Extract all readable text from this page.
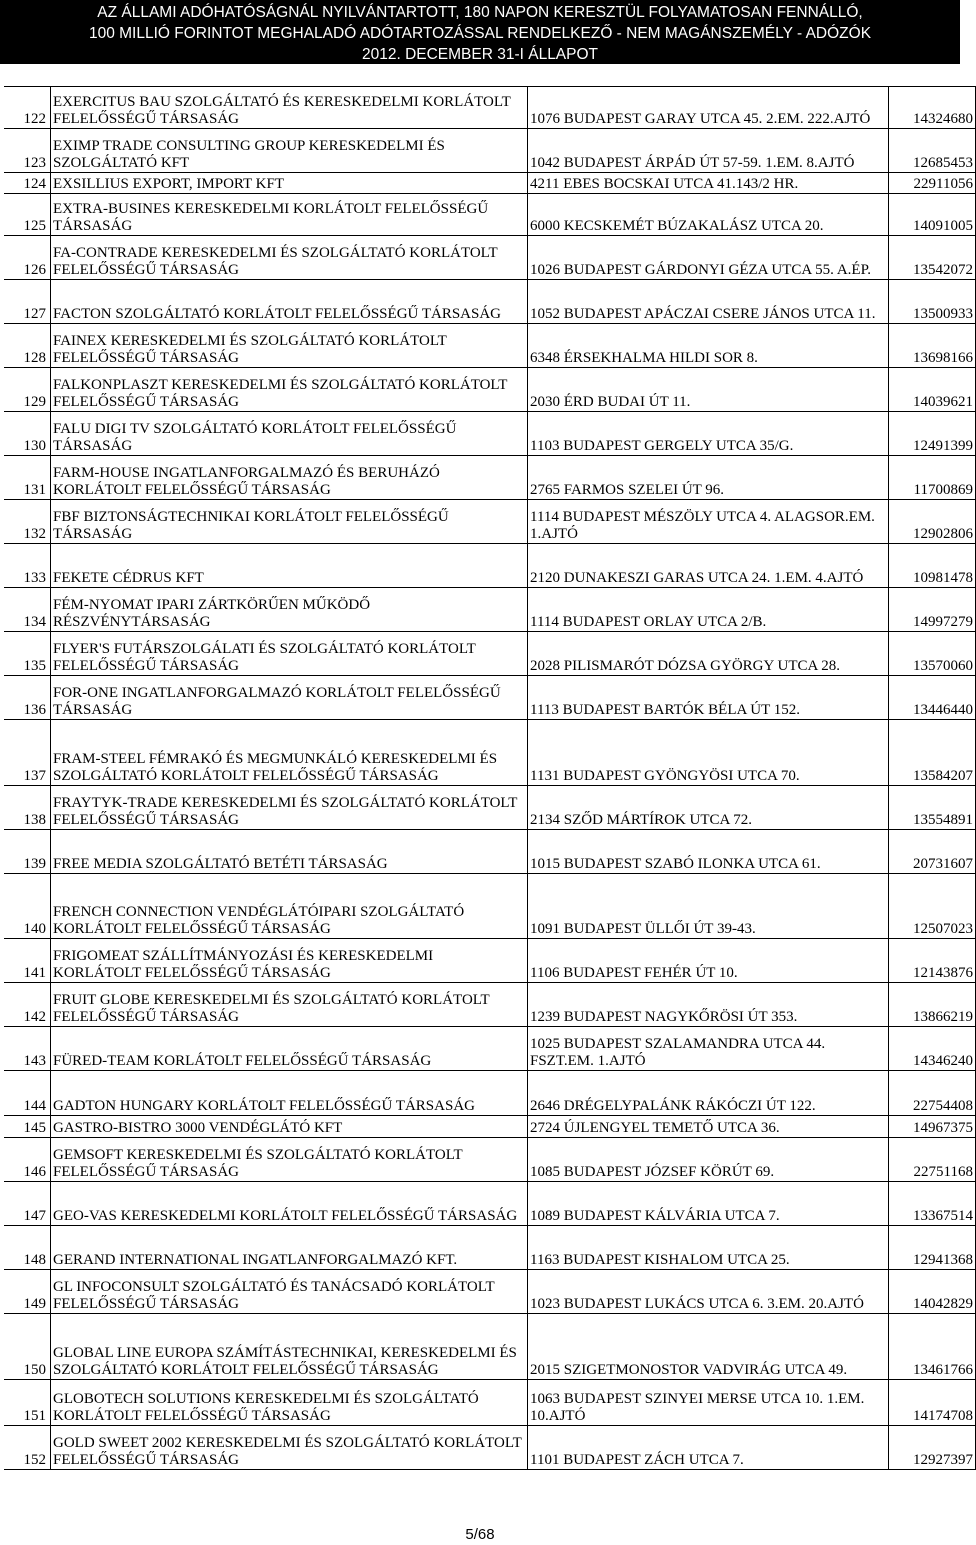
AZ ÁLLAMI ADÓHATÓSÁGNÁL NYILVÁNTARTOTT, 180 NAPON KERESZTÜL FOLYAMATOSAN FENNÁLLÓ,
100 MILLIÓ FORINTOT MEGHALADÓ ADÓTARTOZÁSSAL RENDELKEZŐ - NEM MAGÁNSZEMÉLY - ADÓZÓK
2012. DECEMBER 31-I ÁLLAPOT
122	EXERCITUS BAU SZOLGÁLTATÓ ÉS KERESKEDELMI KORLÁTOLT FELELŐSSÉGŰ TÁRSASÁG	1076 BUDAPEST GARAY UTCA 45. 2.EM. 222.AJTÓ	14324680
123	EXIMP TRADE CONSULTING GROUP KERESKEDELMI ÉS SZOLGÁLTATÓ KFT	1042 BUDAPEST ÁRPÁD ÚT 57-59. 1.EM. 8.AJTÓ	12685453
124	EXSILLIUS EXPORT, IMPORT KFT	4211 EBES BOCSKAI UTCA 41.143/2 HR.	22911056
125	EXTRA-BUSINES KERESKEDELMI KORLÁTOLT FELELŐSSÉGŰ TÁRSASÁG	6000 KECSKEMÉT BÚZAKALÁSZ UTCA 20.	14091005
126	FA-CONTRADE KERESKEDELMI ÉS SZOLGÁLTATÓ KORLÁTOLT FELELŐSSÉGŰ TÁRSASÁG	1026 BUDAPEST GÁRDONYI GÉZA UTCA 55. A.ÉP.	13542072
127	FACTON SZOLGÁLTATÓ KORLÁTOLT FELELŐSSÉGŰ TÁRSASÁG	1052 BUDAPEST APÁCZAI CSERE JÁNOS UTCA 11.	13500933
128	FAINEX KERESKEDELMI ÉS SZOLGÁLTATÓ KORLÁTOLT FELELŐSSÉGŰ TÁRSASÁG	6348 ÉRSEKHALMA HILDI SOR 8.	13698166
129	FALKONPLASZT KERESKEDELMI ÉS SZOLGÁLTATÓ KORLÁTOLT FELELŐSSÉGŰ TÁRSASÁG	2030 ÉRD BUDAI ÚT 11.	14039621
130	FALU DIGI TV SZOLGÁLTATÓ KORLÁTOLT FELELŐSSÉGŰ TÁRSASÁG	1103 BUDAPEST GERGELY UTCA 35/G.	12491399
131	FARM-HOUSE INGATLANFORGALMAZÓ ÉS BERUHÁZÓ KORLÁTOLT FELELŐSSÉGŰ TÁRSASÁG	2765 FARMOS SZELEI ÚT 96.	11700869
132	FBF BIZTONSÁGTECHNIKAI KORLÁTOLT FELELŐSSÉGŰ TÁRSASÁG	1114 BUDAPEST MÉSZÖLY UTCA 4. ALAGSOR.EM. 1.AJTÓ	12902806
133	FEKETE CÉDRUS KFT	2120 DUNAKESZI GARAS UTCA 24. 1.EM. 4.AJTÓ	10981478
134	FÉM-NYOMAT IPARI ZÁRTKÖRŰEN MŰKÖDŐ RÉSZVÉNYTÁRSASÁG	1114 BUDAPEST ORLAY UTCA 2/B.	14997279
135	FLYER'S FUTÁRSZOLGÁLATI ÉS SZOLGÁLTATÓ KORLÁTOLT FELELŐSSÉGŰ TÁRSASÁG	2028 PILISMARÓT DÓZSA GYÖRGY UTCA 28.	13570060
136	FOR-ONE INGATLANFORGALMAZÓ KORLÁTOLT FELELŐSSÉGŰ TÁRSASÁG	1113 BUDAPEST BARTÓK BÉLA ÚT 152.	13446440
137	FRAM-STEEL FÉMRAKÓ ÉS MEGMUNKÁLÓ KERESKEDELMI ÉS SZOLGÁLTATÓ KORLÁTOLT FELELŐSSÉGŰ TÁRSASÁG	1131 BUDAPEST GYÖNGYÖSI UTCA 70.	13584207
138	FRAYTYK-TRADE KERESKEDELMI ÉS SZOLGÁLTATÓ KORLÁTOLT FELELŐSSÉGŰ TÁRSASÁG	2134 SZŐD MÁRTÍROK UTCA 72.	13554891
139	FREE MEDIA SZOLGÁLTATÓ BETÉTI TÁRSASÁG	1015 BUDAPEST SZABÓ ILONKA UTCA 61.	20731607
140	FRENCH CONNECTION VENDÉGLÁTÓIPARI SZOLGÁLTATÓ KORLÁTOLT FELELŐSSÉGŰ TÁRSASÁG	1091 BUDAPEST ÜLLŐI ÚT 39-43.	12507023
141	FRIGOMEAT SZÁLLÍTMÁNYOZÁSI ÉS KERESKEDELMI KORLÁTOLT FELELŐSSÉGŰ TÁRSASÁG	1106 BUDAPEST FEHÉR ÚT 10.	12143876
142	FRUIT GLOBE KERESKEDELMI ÉS SZOLGÁLTATÓ KORLÁTOLT FELELŐSSÉGŰ TÁRSASÁG	1239 BUDAPEST NAGYKŐRÖSI ÚT 353.	13866219
143	FÜRED-TEAM KORLÁTOLT FELELŐSSÉGŰ TÁRSASÁG	1025 BUDAPEST SZALAMANDRA UTCA 44. FSZT.EM. 1.AJTÓ	14346240
144	GADTON HUNGARY KORLÁTOLT FELELŐSSÉGŰ TÁRSASÁG	2646 DRÉGELYPALÁNK RÁKÓCZI ÚT 122.	22754408
145	GASTRO-BISTRO 3000 VENDÉGLÁTÓ KFT	2724 ÚJLENGYEL TEMETŐ UTCA 36.	14967375
146	GEMSOFT KERESKEDELMI ÉS SZOLGÁLTATÓ KORLÁTOLT FELELŐSSÉGŰ TÁRSASÁG	1085 BUDAPEST JÓZSEF KÖRÚT 69.	22751168
147	GEO-VAS KERESKEDELMI KORLÁTOLT FELELŐSSÉGŰ TÁRSASÁG	1089 BUDAPEST KÁLVÁRIA UTCA 7.	13367514
148	GERAND INTERNATIONAL INGATLANFORGALMAZÓ KFT.	1163 BUDAPEST KISHALOM UTCA 25.	12941368
149	GL INFOCONSULT SZOLGÁLTATÓ ÉS TANÁCSADÓ KORLÁTOLT FELELŐSSÉGŰ TÁRSASÁG	1023 BUDAPEST LUKÁCS UTCA 6. 3.EM. 20.AJTÓ	14042829
150	GLOBAL LINE EUROPA SZÁMÍTÁSTECHNIKAI, KERESKEDELMI ÉS SZOLGÁLTATÓ KORLÁTOLT FELELŐSSÉGŰ TÁRSASÁG	2015 SZIGETMONOSTOR VADVIRÁG UTCA 49.	13461766
151	GLOBOTECH SOLUTIONS KERESKEDELMI ÉS SZOLGÁLTATÓ KORLÁTOLT FELELŐSSÉGŰ TÁRSASÁG	1063 BUDAPEST SZINYEI MERSE UTCA 10. 1.EM. 10.AJTÓ	14174708
152	GOLD SWEET 2002 KERESKEDELMI ÉS SZOLGÁLTATÓ KORLÁTOLT FELELŐSSÉGŰ TÁRSASÁG	1101 BUDAPEST ZÁCH UTCA 7.	12927397
5/68
